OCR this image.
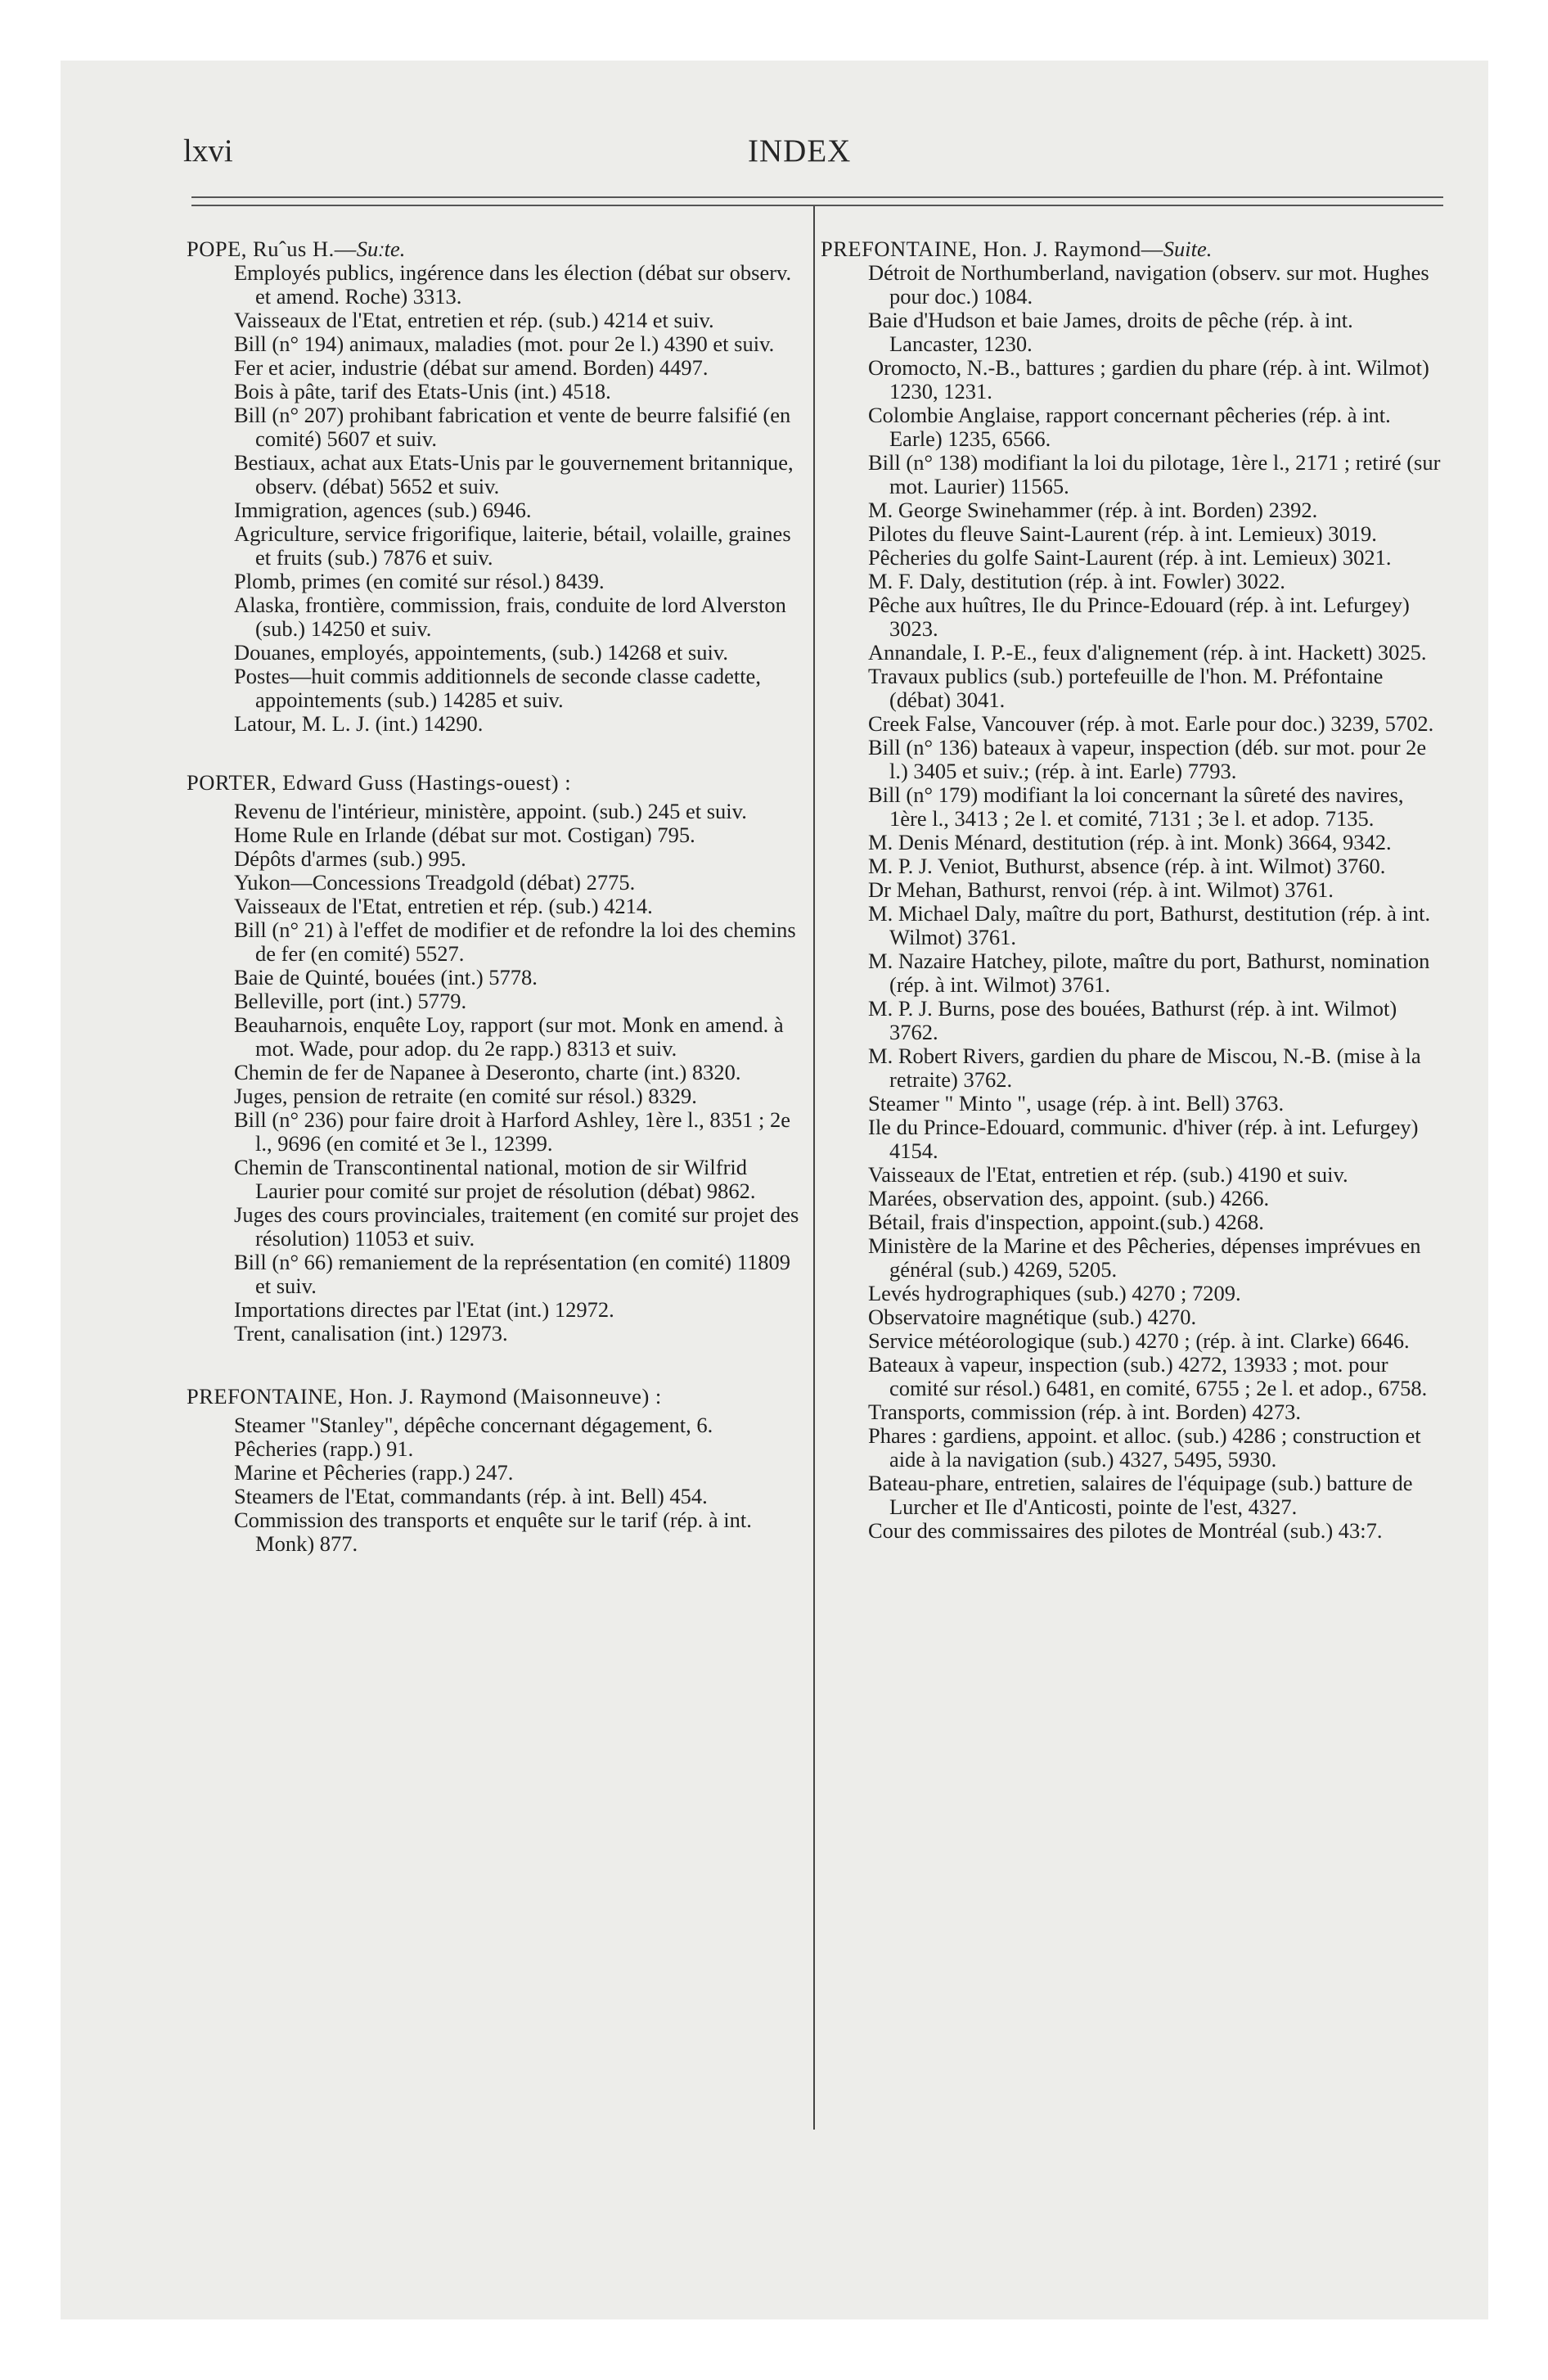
lxvi	INDEX

POPE, Ruˆus H.—Suːte.

Employés publics, ingérence dans les élection (débat sur observ. et amend. Roche) 3313.

Vaisseaux de l'Etat, entretien et rép. (sub.) 4214 et suiv.

Bill (n° 194) animaux, maladies (mot. pour 2e l.) 4390 et suiv.

Fer et acier, industrie (débat sur amend. Borden) 4497.

Bois à pâte, tarif des Etats-Unis (int.) 4518.

Bill (n° 207) prohibant fabrication et vente de beurre falsifié (en comité) 5607 et suiv.

Bestiaux, achat aux Etats-Unis par le gouvernement britannique, observ. (débat) 5652 et suiv.

Immigration, agences (sub.) 6946.

Agriculture, service frigorifique, laiterie, bétail, volaille, graines et fruits (sub.) 7876 et suiv.

Plomb, primes (en comité sur résol.) 8439.

Alaska, frontière, commission, frais, conduite de lord Alverston (sub.) 14250 et suiv.

Douanes, employés, appointements, (sub.) 14268 et suiv.

Postes—huit commis additionnels de seconde classe cadette, appointements (sub.) 14285 et suiv.

Latour, M. L. J. (int.) 14290.

PORTER, Edward Guss (Hastings-ouest) :

Revenu de l'intérieur, ministère, appoint. (sub.) 245 et suiv.

Home Rule en Irlande (débat sur mot. Costigan) 795.

Dépôts d'armes (sub.) 995.

Yukon—Concessions Treadgold (débat) 2775.

Vaisseaux de l'Etat, entretien et rép. (sub.) 4214.

Bill (n° 21) à l'effet de modifier et de refondre la loi des chemins de fer (en comité) 5527.

Baie de Quinté, bouées (int.) 5778.

Belleville, port (int.) 5779.

Beauharnois, enquête Loy, rapport (sur mot. Monk en amend. à mot. Wade, pour adop. du 2e rapp.) 8313 et suiv.

Chemin de fer de Napanee à Deseronto, charte (int.) 8320.

Juges, pension de retraite (en comité sur résol.) 8329.

Bill (n° 236) pour faire droit à Harford Ashley, 1ère l., 8351 ; 2e l., 9696 (en comité et 3e l., 12399.

Chemin de Transcontinental national, motion de sir Wilfrid Laurier pour comité sur projet de résolution (débat) 9862.

Juges des cours provinciales, traitement (en comité sur projet des résolution) 11053 et suiv.

Bill (n° 66) remaniement de la représentation (en comité) 11809 et suiv.

Importations directes par l'Etat (int.) 12972.

Trent, canalisation (int.) 12973.

PREFONTAINE, Hon. J. Raymond (Maisonneuve) :

Steamer "Stanley", dépêche concernant dégagement, 6.

Pêcheries (rapp.) 91.

Marine et Pêcheries (rapp.) 247.

Steamers de l'Etat, commandants (rép. à int. Bell) 454.

Commission des transports et enquête sur le tarif (rép. à int. Monk) 877.

PREFONTAINE, Hon. J. Raymond—Suite.

Détroit de Northumberland, navigation (observ. sur mot. Hughes pour doc.) 1084.

Baie d'Hudson et baie James, droits de pêche (rép. à int. Lancaster, 1230.

Oromocto, N.-B., battures ; gardien du phare (rép. à int. Wilmot) 1230, 1231.

Colombie Anglaise, rapport concernant pêcheries (rép. à int. Earle) 1235, 6566.

Bill (n° 138) modifiant la loi du pilotage, 1ère l., 2171 ; retiré (sur mot. Laurier) 11565.

M. George Swinehammer (rép. à int. Borden) 2392.

Pilotes du fleuve Saint-Laurent (rép. à int. Lemieux) 3019.

Pêcheries du golfe Saint-Laurent (rép. à int. Lemieux) 3021.

M. F. Daly, destitution (rép. à int. Fowler) 3022.

Pêche aux huîtres, Ile du Prince-Edouard (rép. à int. Lefurgey) 3023.

Annandale, I. P.-E., feux d'alignement (rép. à int. Hackett) 3025.

Travaux publics (sub.) portefeuille de l'hon. M. Préfontaine (débat) 3041.

Creek False, Vancouver (rép. à mot. Earle pour doc.) 3239, 5702.

Bill (n° 136) bateaux à vapeur, inspection (déb. sur mot. pour 2e l.) 3405 et suiv.; (rép. à int. Earle) 7793.

Bill (n° 179) modifiant la loi concernant la sûreté des navires, 1ère l., 3413 ; 2e l. et comité, 7131 ; 3e l. et adop. 7135.

M. Denis Ménard, destitution (rép. à int. Monk) 3664, 9342.

M. P. J. Veniot, Buthurst, absence (rép. à int. Wilmot) 3760.

Dr Mehan, Bathurst, renvoi (rép. à int. Wilmot) 3761.

M. Michael Daly, maître du port, Bathurst, destitution (rép. à int. Wilmot) 3761.

M. Nazaire Hatchey, pilote, maître du port, Bathurst, nomination (rép. à int. Wilmot) 3761.

M. P. J. Burns, pose des bouées, Bathurst (rép. à int. Wilmot) 3762.

M. Robert Rivers, gardien du phare de Miscou, N.-B. (mise à la retraite) 3762.

Steamer " Minto ", usage (rép. à int. Bell) 3763.

Ile du Prince-Edouard, communic. d'hiver (rép. à int. Lefurgey) 4154.

Vaisseaux de l'Etat, entretien et rép. (sub.) 4190 et suiv.

Marées, observation des, appoint. (sub.) 4266.

Bétail, frais d'inspection, appoint.(sub.) 4268.

Ministère de la Marine et des Pêcheries, dépenses imprévues en général (sub.) 4269, 5205.

Levés hydrographiques (sub.) 4270 ; 7209.

Observatoire magnétique (sub.) 4270.

Service météorologique (sub.) 4270 ; (rép. à int. Clarke) 6646.

Bateaux à vapeur, inspection (sub.) 4272, 13933 ; mot. pour comité sur résol.) 6481, en comité, 6755 ; 2e l. et adop., 6758.

Transports, commission (rép. à int. Borden) 4273.

Phares : gardiens, appoint. et alloc. (sub.) 4286 ; construction et aide à la navigation (sub.) 4327, 5495, 5930.

Bateau-phare, entretien, salaires de l'équipage (sub.) batture de Lurcher et Ile d'Anticosti, pointe de l'est, 4327.

Cour des commissaires des pilotes de Montréal (sub.) 43:7.
